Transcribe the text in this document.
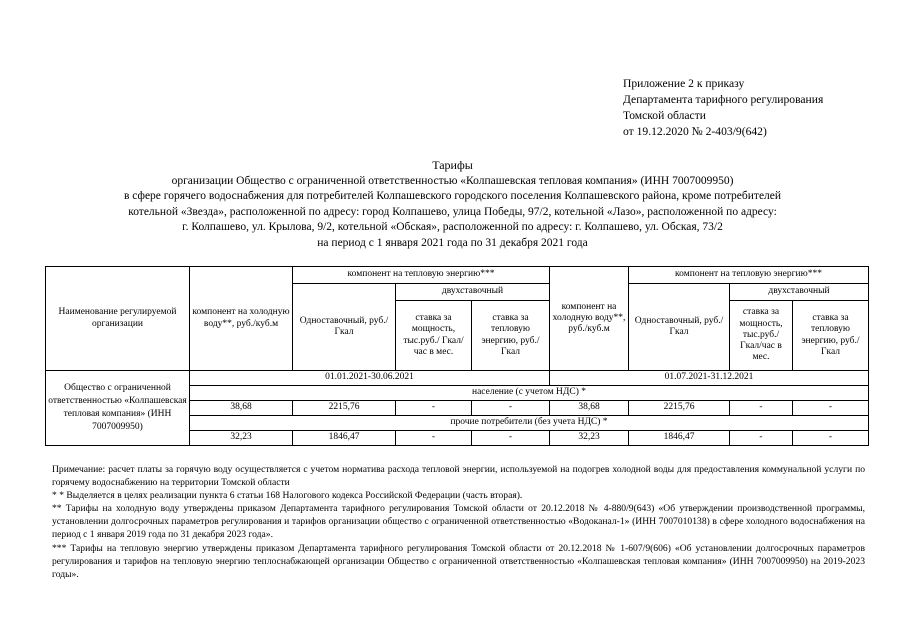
Приложение 2 к приказу
Департамента тарифного регулирования
Томской области
от 19.12.2020 № 2-403/9(642)
Тарифы
организации Общество с ограниченной ответственностью «Колпашевская тепловая компания» (ИНН 7007009950)
в сфере горячего водоснабжения для потребителей Колпашевского городского поселения Колпашевского района, кроме потребителей
котельной «Звезда», расположенной по адресу: город Колпашево, улица Победы, 97/2, котельной «Лазо», расположенной по адресу:
г. Колпашево, ул. Крылова, 9/2, котельной «Обская», расположенной по адресу: г. Колпашево, ул. Обская, 73/2
на период с 1 января 2021 года по 31 декабря 2021 года
Наименование регулируемой организации	компонент на холодную воду**, руб./куб.м	компонент на тепловую энергию***			компонент на холодную воду**, руб./куб.м	компонент на тепловую энергию***		
		Одноставочный, руб./Гкал	двухставочный			Одноставочный, руб./Гкал	двухставочный	
			ставка за мощность, тыс.руб./ Гкал/час в мес.	ставка за тепловую энергию, руб./Гкал			ставка за мощность, тыс.руб./ Гкал/час в мес.	ставка за тепловую энергию, руб./Гкал
Общество с ограниченной ответственностью «Колпашевская тепловая компания» (ИНН 7007009950)	01.01.2021-30.06.2021				01.07.2021-31.12.2021			
	население (с учетом НДС) *							
	38,68	2215,76	-	-	38,68	2215,76	-	-
	прочие потребители (без учета НДС) *							
	32,23	1846,47	-	-	32,23	1846,47	-	-

Примечание: расчет платы за горячую воду осуществляется с учетом норматива расхода тепловой энергии, используемой на подогрев холодной воды для предоставления коммунальной услуги по горячему водоснабжению на территории Томской области

* * Выделяется в целях реализации пункта 6 статьи 168 Налогового кодекса Российской Федерации (часть вторая).

** Тарифы на холодную воду утверждены приказом Департамента тарифного регулирования Томской области от 20.12.2018 № 4-880/9(643) «Об утверждении производственной программы, установлении долгосрочных параметров регулирования и тарифов организации общество с ограниченной ответственностью «Водоканал-1» (ИНН 7007010138) в сфере холодного водоснабжения на период с 1 января 2019 года по 31 декабря 2023 года».

*** Тарифы на тепловую энергию утверждены приказом Департамента тарифного регулирования Томской области от 20.12.2018 № 1-607/9(606) «Об установлении долгосрочных параметров регулирования и тарифов на тепловую энергию теплоснабжающей организации Общество с ограниченной ответственностью «Колпашевская тепловая компания» (ИНН 7007009950) на 2019-2023 годы».
